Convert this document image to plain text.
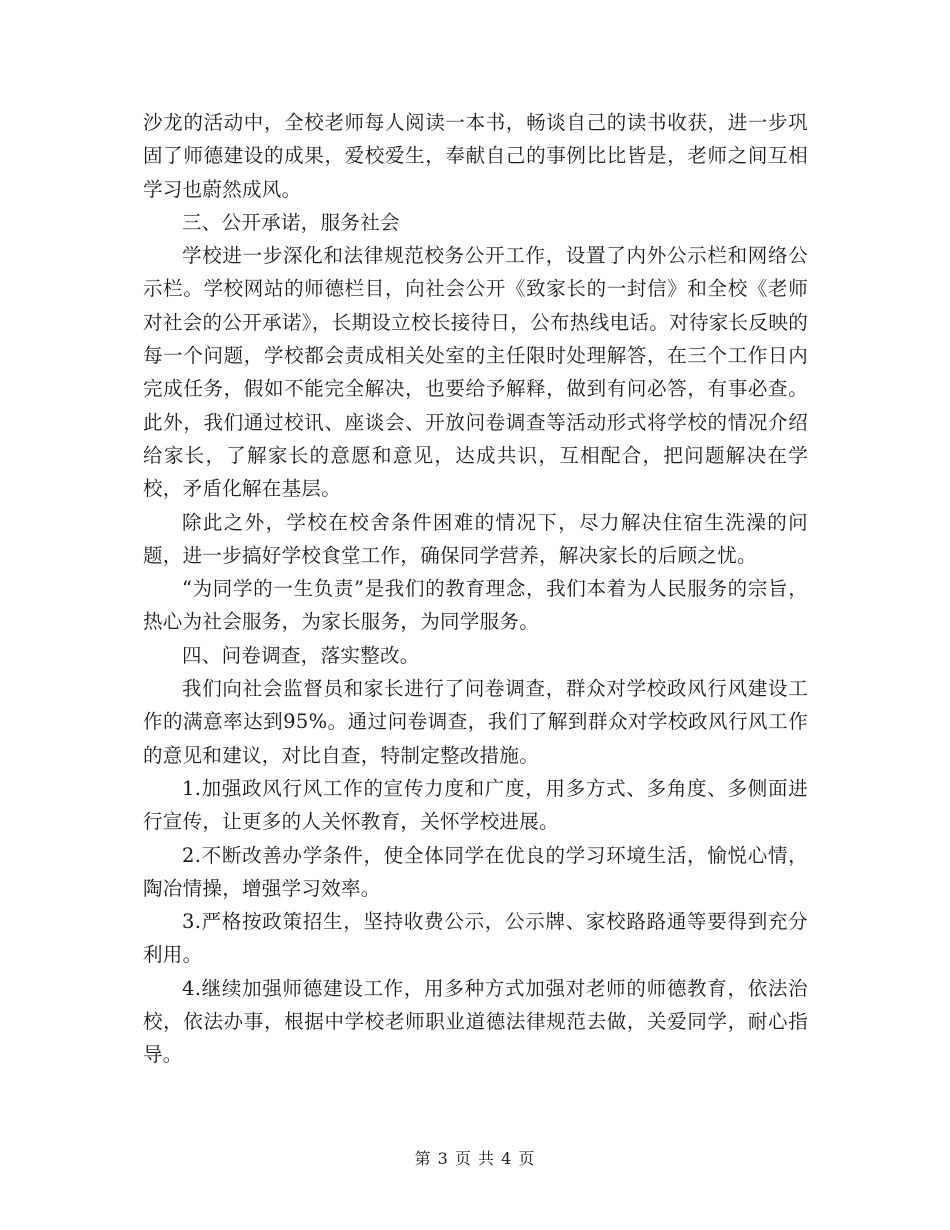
沙龙的活动中，全校老师每人阅读一本书，畅谈自己的读书收获，进一步巩固了师德建设的成果，爱校爱生，奉献自己的事例比比皆是，老师之间互相学习也蔚然成风。

三、公开承诺，服务社会

学校进一步深化和法律规范校务公开工作，设置了内外公示栏和网络公示栏。学校网站的师德栏目，向社会公开《致家长的一封信》和全校《老师对社会的公开承诺》，长期设立校长接待日，公布热线电话。对待家长反映的每一个问题，学校都会责成相关处室的主任限时处理解答，在三个工作日内完成任务，假如不能完全解决，也要给予解释，做到有问必答，有事必查。此外，我们通过校讯、座谈会、开放问卷调查等活动形式将学校的情况介绍给家长，了解家长的意愿和意见，达成共识，互相配合，把问题解决在学校，矛盾化解在基层。

除此之外，学校在校舍条件困难的情况下，尽力解决住宿生洗澡的问题，进一步搞好学校食堂工作，确保同学营养，解决家长的后顾之忧。

“为同学的一生负责”是我们的教育理念，我们本着为人民服务的宗旨，热心为社会服务，为家长服务，为同学服务。

四、问卷调查，落实整改。

我们向社会监督员和家长进行了问卷调查，群众对学校政风行风建设工作的满意率达到95%。通过问卷调查，我们了解到群众对学校政风行风工作的意见和建议，对比自查，特制定整改措施。

1.加强政风行风工作的宣传力度和广度，用多方式、多角度、多侧面进行宣传，让更多的人关怀教育，关怀学校进展。

2.不断改善办学条件，使全体同学在优良的学习环境生活，愉悦心情，陶冶情操，增强学习效率。

3.严格按政策招生，坚持收费公示，公示牌、家校路路通等要得到充分利用。

4.继续加强师德建设工作，用多种方式加强对老师的师德教育，依法治校，依法办事，根据中学校老师职业道德法律规范去做，关爱同学，耐心指导。

第 3 页 共 4 页
